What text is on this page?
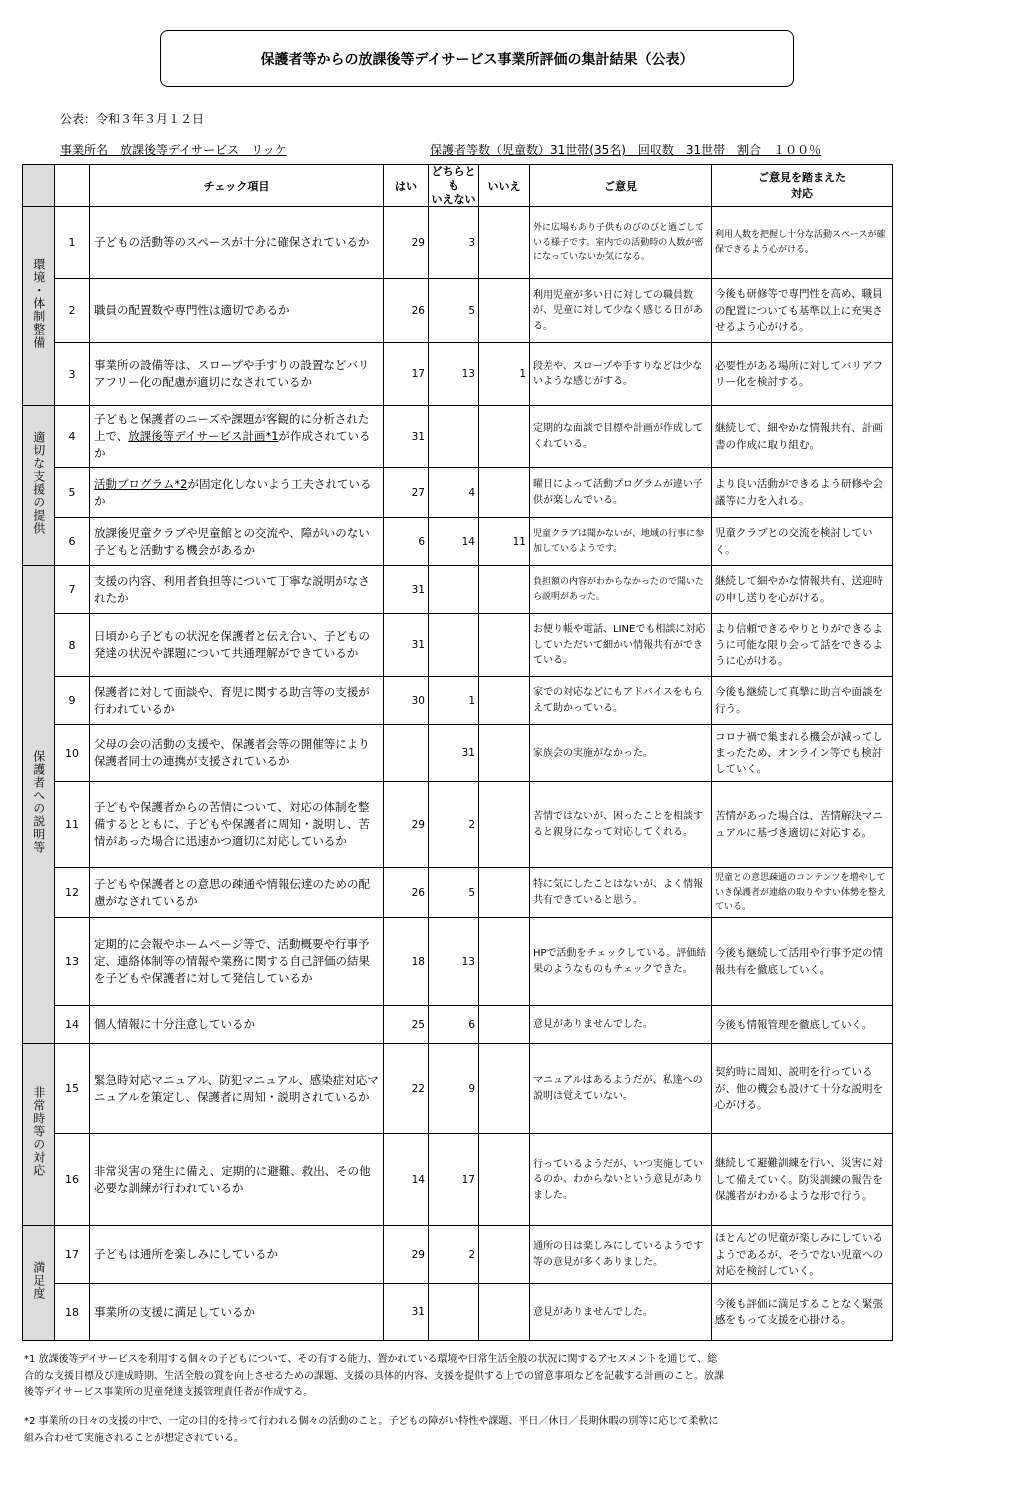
保護者等からの放課後等デイサービス事業所評価の集計結果（公表）
公表：令和３年３月１２日
事業所名　放課後等デイサービス　リッケ	保護者等数（児童数）31世帯(35名)　回収数　31世帯　割合　１００％
		チェック項目	はい	どちらとも
いえない	いいえ	ご意見	ご意見を踏まえた
対応
環境・体制整備	1	子どもの活動等のスペースが十分に確保されているか	29	3		外に広場もあり子供ものびのびと過ごしている様子です。室内での活動時の人数が密になっていないか気になる。	利用人数を把握し十分な活動スペースが確保できるよう心がける。
	2	職員の配置数や専門性は適切であるか	26	5		利用児童が多い日に対しての職員数が、児童に対して少なく感じる日がある。	今後も研修等で専門性を高め、職員の配置についても基準以上に充実させるよう心がける。
	3	事業所の設備等は、スロープや手すりの設置などバリアフリー化の配慮が適切になされているか	17	13	1	段差や、スロープや手すりなどは少ないような感じがする。	必要性がある場所に対してバリアフリー化を検討する。
適切な支援の提供	4	子どもと保護者のニーズや課題が客観的に分析された上で、放課後等デイサービス計画*1が作成されているか	31			定期的な面談で目標や計画が作成してくれている。	継続して、細やかな情報共有、計画書の作成に取り組む。
	5	活動プログラム*2が固定化しないよう工夫されているか	27	4		曜日によって活動プログラムが違い子供が楽しんでいる。	より良い活動ができるよう研修や会議等に力を入れる。
	6	放課後児童クラブや児童館との交流や、障がいのない子どもと活動する機会があるか	6	14	11	児童クラブは聞かないが、地域の行事に参加しているようです。	児童クラブとの交流を検討していく。
保護者への説明等	7	支援の内容、利用者負担等について丁寧な説明がなされたか	31			負担額の内容がわからなかったので聞いたら説明があった。	継続して細やかな情報共有、送迎時の申し送りを心がける。
	8	日頃から子どもの状況を保護者と伝え合い、子どもの発達の状況や課題について共通理解ができているか	31			お便り帳や電話、LINEでも相談に対応していただいて細かい情報共有ができている。	より信頼できるやりとりができるように可能な限り会って話をできるように心がける。
	9	保護者に対して面談や、育児に関する助言等の支援が行われているか	30	1		家での対応などにもアドバイスをもらえて助かっている。	今後も継続して真摯に助言や面談を行う。
	10	父母の会の活動の支援や、保護者会等の開催等により保護者同士の連携が支援されているか		31		家族会の実施がなかった。	コロナ禍で集まれる機会が減ってしまったため、オンライン等でも検討していく。
	11	子どもや保護者からの苦情について、対応の体制を整備するとともに、子どもや保護者に周知・説明し、苦情があった場合に迅速かつ適切に対応しているか	29	2		苦情ではないが、困ったことを相談すると親身になって対応してくれる。	苦情があった場合は、苦情解決マニュアルに基づき適切に対応する。
	12	子どもや保護者との意思の疎通や情報伝達のための配慮がなされているか	26	5		特に気にしたことはないが、よく情報共有できていると思う。	児童との意思疎通のコンテンツを増やしていき保護者が連絡の取りやすい体勢を整えている。
	13	定期的に会報やホームページ等で、活動概要や行事予定、連絡体制等の情報や業務に関する自己評価の結果を子どもや保護者に対して発信しているか	18	13		HPで活動をチェックしている。評価結果のようなものもチェックできた。	今後も継続して活用や行事予定の情報共有を徹底していく。
	14	個人情報に十分注意しているか	25	6		意見がありませんでした。	今後も情報管理を徹底していく。
非常時等の対応	15	緊急時対応マニュアル、防犯マニュアル、感染症対応マニュアルを策定し、保護者に周知・説明されているか	22	9		マニュアルはあるようだが、私達への説明は覚えていない。	契約時に周知、説明を行っているが、他の機会も設けて十分な説明を心がける。
	16	非常災害の発生に備え、定期的に避難、救出、その他必要な訓練が行われているか	14	17		行っているようだが、いつ実施しているのか、わからないという意見がありました。	継続して避難訓練を行い、災害に対して備えていく。防災訓練の報告を保護者がわかるような形で行う。
満足度	17	子どもは通所を楽しみにしているか	29	2		通所の日は楽しみにしているようです等の意見が多くありました。	ほとんどの児童が楽しみにしているようであるが、そうでない児童への対応を検討していく。
	18	事業所の支援に満足しているか	31			意見がありませんでした。	今後も評価に満足することなく緊張感をもって支援を心掛ける。
*1 放課後等デイサービスを利用する個々の子どもについて、その有する能力、置かれている環境や日常生活全般の状況に関するアセスメントを通じて、総合的な支援目標及び達成時期、生活全般の質を向上させるための課題、支援の具体的内容、支援を提供する上での留意事項などを記載する計画のこと。放課後等デイサービス事業所の児童発達支援管理責任者が作成する。
*2 事業所の日々の支援の中で、一定の目的を持って行われる個々の活動のこと。子どもの障がい特性や課題、平日／休日／長期休暇の別等に応じて柔軟に組み合わせて実施されることが想定されている。
